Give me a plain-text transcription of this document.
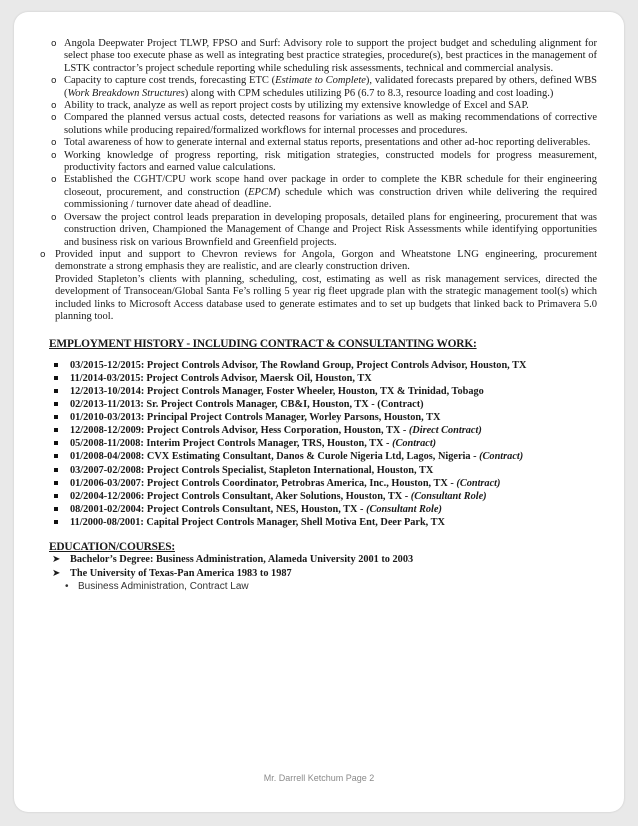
o Angola Deepwater Project TLWP, FPSO and Surf: Advisory role to support the project budget and scheduling alignment for select phase too execute phase as well as integrating best practice strategies, procedure(s), best practices in the management of LSTK contractor’s project schedule reporting while scheduling risk assessments, technical and commercial analysis.
o Capacity to capture cost trends, forecasting ETC (Estimate to Complete), validated forecasts prepared by others, defined WBS (Work Breakdown Structures) along with CPM schedules utilizing P6 (6.7 to 8.3, resource loading and cost loading.)
o Ability to track, analyze as well as report project costs by utilizing my extensive knowledge of Excel and SAP.
o Compared the planned versus actual costs, detected reasons for variations as well as making recommendations of corrective solutions while producing repaired/formalized workflows for internal processes and procedures.
o Total awareness of how to generate internal and external status reports, presentations and other ad-hoc reporting deliverables.
o Working knowledge of progress reporting, risk mitigation strategies, constructed models for progress measurement, productivity factors and earned value calculations.
o Established the CGHT/CPU work scope hand over package in order to complete the KBR schedule for their engineering closeout, procurement, and construction (EPCM) schedule which was construction driven while delivering the required commissioning / turnover date ahead of deadline.
o Oversaw the project control leads preparation in developing proposals, detailed plans for engineering, procurement that was construction driven, Championed the Management of Change and Project Risk Assessments while identifying opportunities and business risk on various Brownfield and Greenfield projects.
o Provided input and support to Chevron reviews for Angola, Gorgon and Wheatstone LNG engineering, procurement demonstrate a strong emphasis they are realistic, and are clearly construction driven.
Provided Stapleton’s clients with planning, scheduling, cost, estimating as well as risk management services, directed the development of Transocean/Global Santa Fe’s rolling 5 year rig fleet upgrade plan with the strategic management tool(s) which included links to Microsoft Access database used to generate estimates and to set up budgets that linked back to Primavera 5.0 planning tool.
EMPLOYMENT HISTORY - INCLUDING CONTRACT & CONSULTANTING WORK:
03/2015-12/2015: Project Controls Advisor, The Rowland Group, Project Controls Advisor, Houston, TX
11/2014-03/2015: Project Controls Advisor, Maersk Oil, Houston, TX
12/2013-10/2014: Project Controls Manager, Foster Wheeler, Houston, TX & Trinidad, Tobago
02/2013-11/2013: Sr. Project Controls Manager, CB&I, Houston, TX - (Contract)
01/2010-03/2013: Principal Project Controls Manager, Worley Parsons, Houston, TX
12/2008-12/2009: Project Controls Advisor, Hess Corporation, Houston, TX - (Direct Contract)
05/2008-11/2008: Interim Project Controls Manager, TRS, Houston, TX - (Contract)
01/2008-04/2008: CVX Estimating Consultant, Danos & Curole Nigeria Ltd, Lagos, Nigeria - (Contract)
03/2007-02/2008: Project Controls Specialist, Stapleton International, Houston, TX
01/2006-03/2007: Project Controls Coordinator, Petrobras America, Inc., Houston, TX - (Contract)
02/2004-12/2006: Project Controls Consultant, Aker Solutions, Houston, TX - (Consultant Role)
08/2001-02/2004: Project Controls Consultant, NES, Houston, TX - (Consultant Role)
11/2000-08/2001: Capital Project Controls Manager, Shell Motiva Ent, Deer Park, TX
EDUCATION/COURSES:
➤ Bachelor’s Degree: Business Administration, Alameda University 2001 to 2003
➤ The University of Texas-Pan America 1983 to 1987
• Business Administration, Contract Law
Mr. Darrell Ketchum Page 2
